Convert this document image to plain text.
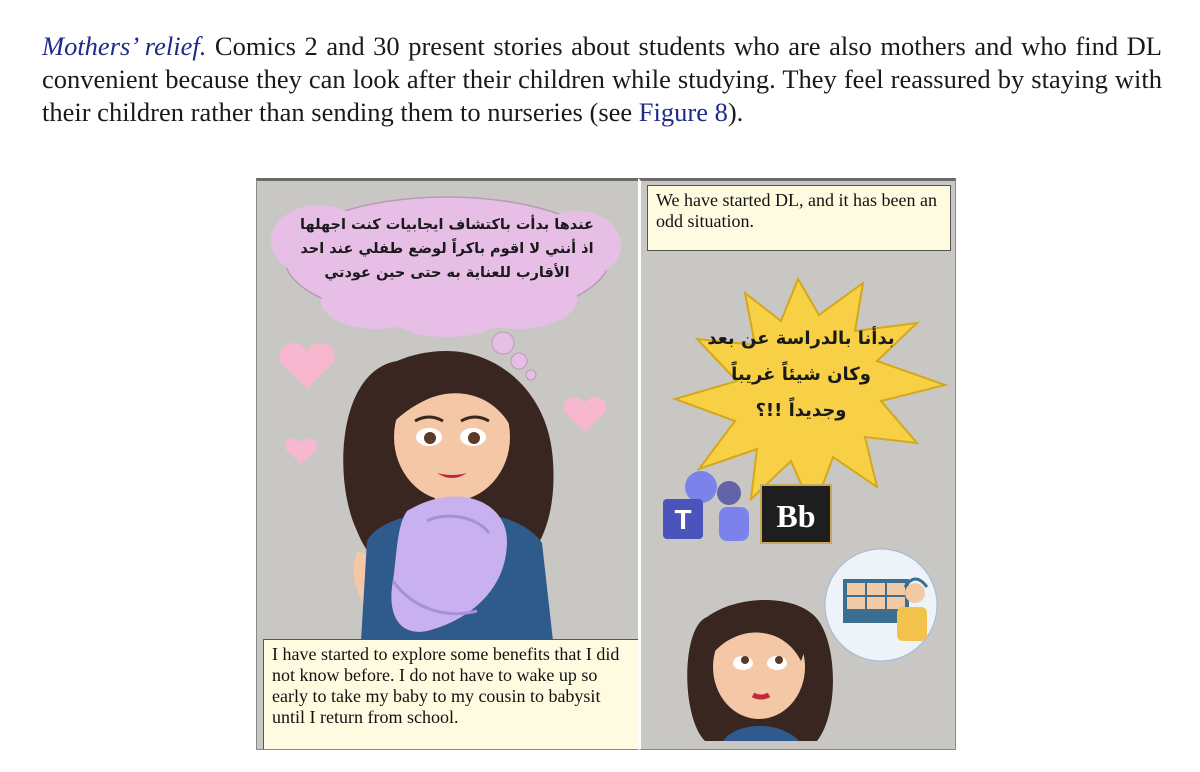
Mothers’ relief. Comics 2 and 30 present stories about students who are also mothers and who find DL convenient because they can look after their children while studying. They feel reassured by staying with their children rather than sending them to nurseries (see Figure 8).
عندها بدأت باكتشاف ايجابيات كنت اجهلها اذ أنني لا اقوم باكراً لوضع طفلي عند احد الأقارب للعناية به حتى حين عودتي
I have started to explore some benefits that I did not know before. I do not have to wake up so early to take my baby to my cousin to babysit until I return from school.
T	Bb
We have started DL, and it has been an odd situation.
بدأنا بالدراسة عن بعد وكان شيئاً غريباً وجديداً !!؟
